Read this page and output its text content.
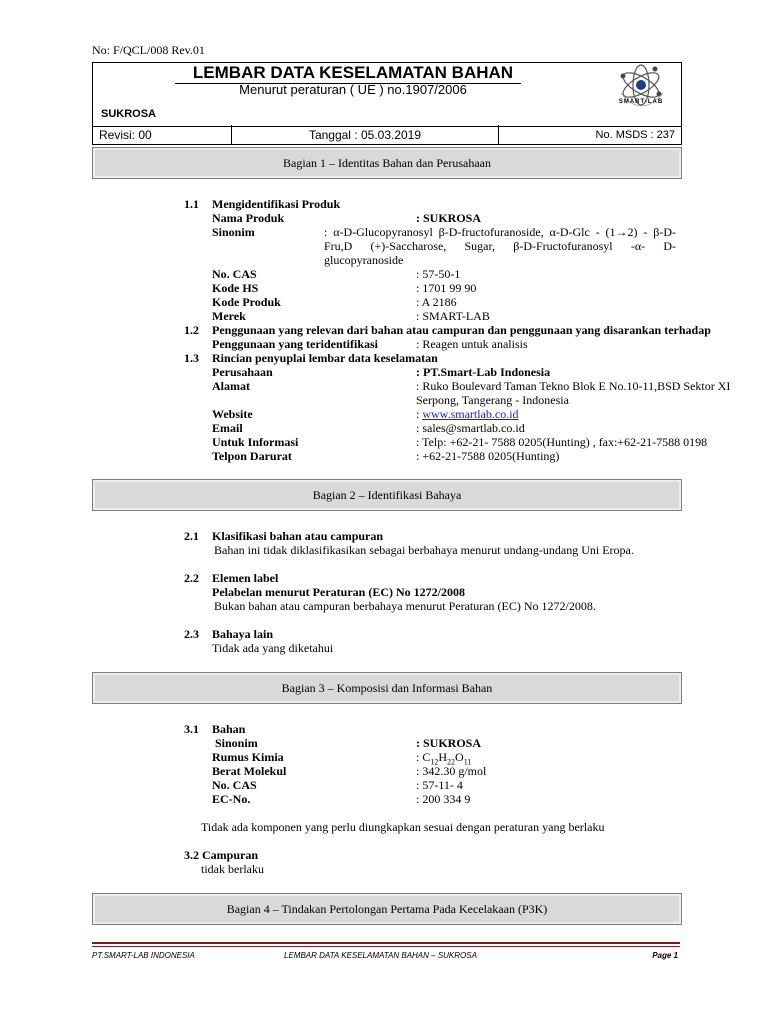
No: F/QCL/008 Rev.01
LEMBAR DATA KESELAMATAN BAHAN
Menurut peraturan ( UE ) no.1907/2006
SUKROSA
SMART-LAB
Revisi: 00	Tanggal : 05.03.2019	No. MSDS : 237
Bagian 1 – Identitas Bahan dan Perusahaan
1.1 Mengidentifikasi Produk
Nama Produk	: SUKROSA
Sinonim	: α-D-Glucopyranosyl β-D-fructofuranoside, α-D-Glc - (1→2) - β-D-Fru,D (+)-Saccharose, Sugar, β-D-Fructofuranosyl -α- D-glucopyranoside
No. CAS	: 57-50-1
Kode HS	: 1701 99 90
Kode Produk	: A 2186
Merek	: SMART-LAB
1.2 Penggunaan yang relevan dari bahan atau campuran dan penggunaan yang disarankan terhadap
Penggunaan yang teridentifikasi	: Reagen untuk analisis
1.3 Rincian penyuplai lembar data keselamatan
Perusahaan	: PT.Smart-Lab Indonesia
Alamat	: Ruko Boulevard Taman Tekno Blok E No.10-11,BSD Sektor XI
Serpong, Tangerang - Indonesia
Website	: www.smartlab.co.id
Email	: sales@smartlab.co.id
Untuk Informasi	: Telp: +62-21- 7588 0205(Hunting) , fax:+62-21-7588 0198
Telpon Darurat	: +62-21-7588 0205(Hunting)
Bagian 2 – Identifikasi Bahaya
2.1 Klasifikasi bahan atau campuran
Bahan ini tidak diklasifikasikan sebagai berbahaya menurut undang-undang Uni Eropa.
2.2 Elemen label
Pelabelan menurut Peraturan (EC) No 1272/2008
Bukan bahan atau campuran berbahaya menurut Peraturan (EC) No 1272/2008.
2.3 Bahaya lain
Tidak ada yang diketahui
Bagian 3 – Komposisi dan Informasi Bahan
3.1 Bahan
Sinonim	: SUKROSA
Rumus Kimia	: $C_{12}H_{22}O_{11}$
Berat Molekul	: 342.30 g/mol
No. CAS	: 57-11- 4
EC-No.	: 200 334 9
Tidak ada komponen yang perlu diungkapkan sesuai dengan peraturan yang berlaku
3.2 Campuran
tidak berlaku
Bagian 4 – Tindakan Pertolongan Pertama Pada Kecelakaan (P3K)
PT.SMART-LAB INDONESIA	LEMBAR DATA KESELAMATAN BAHAN – SUKROSA	Page 1
